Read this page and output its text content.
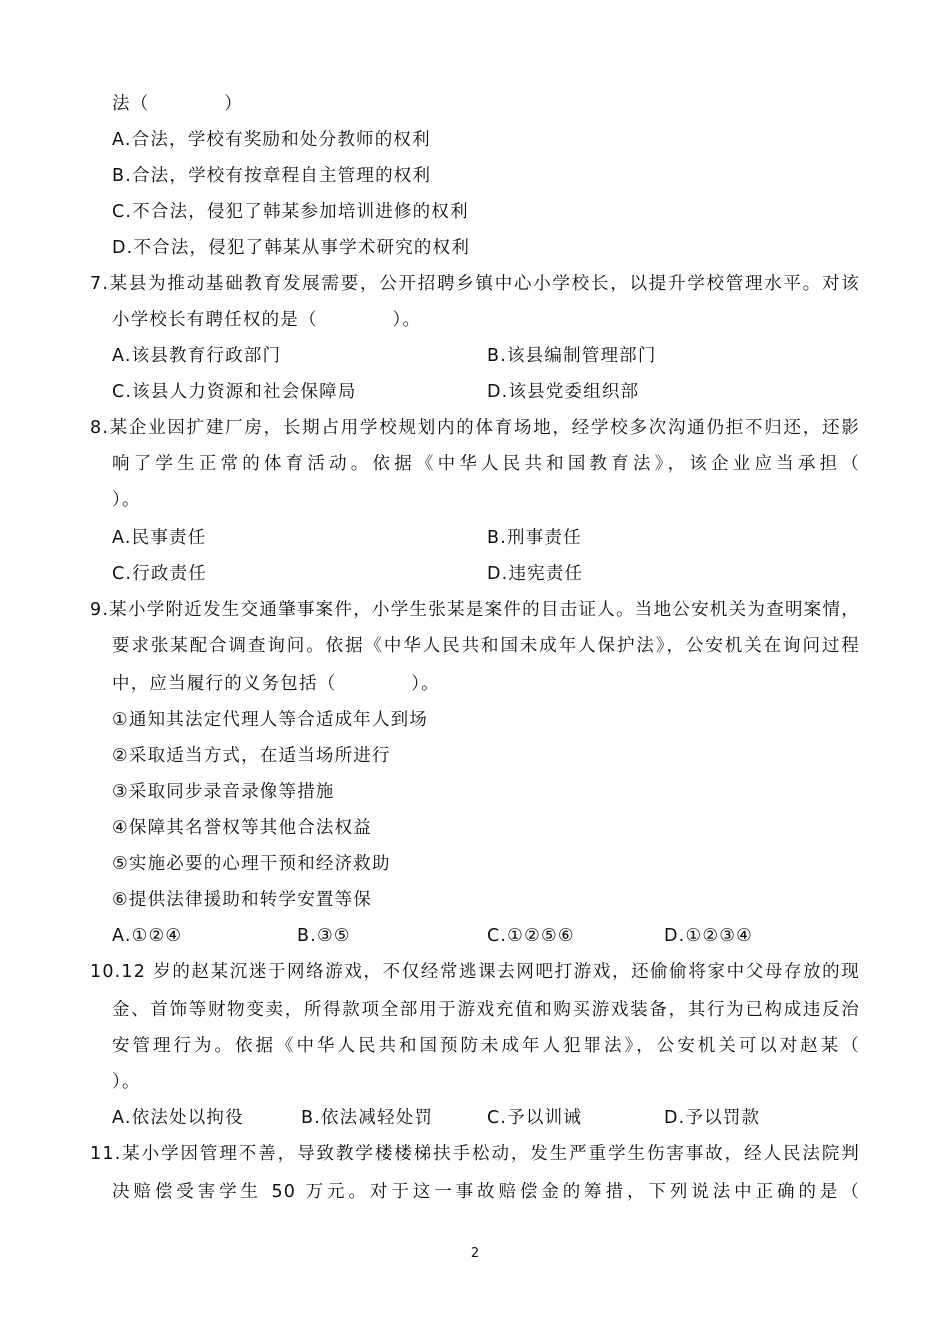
法（　　　　）
A.合法，学校有奖励和处分教师的权利
B.合法，学校有按章程自主管理的权利
C.不合法，侵犯了韩某参加培训进修的权利
D.不合法，侵犯了韩某从事学术研究的权利
7.某县为推动基础教育发展需要，公开招聘乡镇中心小学校长，以提升学校管理水平。对该
小学校长有聘任权的是（　　　　）。
A.该县教育行政部门	B.该县编制管理部门
C.该县人力资源和社会保障局	D.该县党委组织部
8.某企业因扩建厂房，长期占用学校规划内的体育场地，经学校多次沟通仍拒不归还，还影
响了学生正常的体育活动。依据《中华人民共和国教育法》，该企业应当承担（
）。
A.民事责任	B.刑事责任
C.行政责任	D.违宪责任
9.某小学附近发生交通肇事案件，小学生张某是案件的目击证人。当地公安机关为查明案情，
要求张某配合调查询问。依据《中华人民共和国未成年人保护法》，公安机关在询问过程
中，应当履行的义务包括（　　　　）。
①通知其法定代理人等合适成年人到场
②采取适当方式，在适当场所进行
③采取同步录音录像等措施
④保障其名誉权等其他合法权益
⑤实施必要的心理干预和经济救助
⑥提供法律援助和转学安置等保
A.①②④	B.③⑤	C.①②⑤⑥	D.①②③④
10.12 岁的赵某沉迷于网络游戏，不仅经常逃课去网吧打游戏，还偷偷将家中父母存放的现
金、首饰等财物变卖，所得款项全部用于游戏充值和购买游戏装备，其行为已构成违反治
安管理行为。依据《中华人民共和国预防未成年人犯罪法》，公安机关可以对赵某（
）。
A.依法处以拘役	B.依法减轻处罚	C.予以训诫	D.予以罚款
11.某小学因管理不善，导致教学楼楼梯扶手松动，发生严重学生伤害事故，经人民法院判
决赔偿受害学生 50 万元。对于这一事故赔偿金的筹措，下列说法中正确的是（
2
